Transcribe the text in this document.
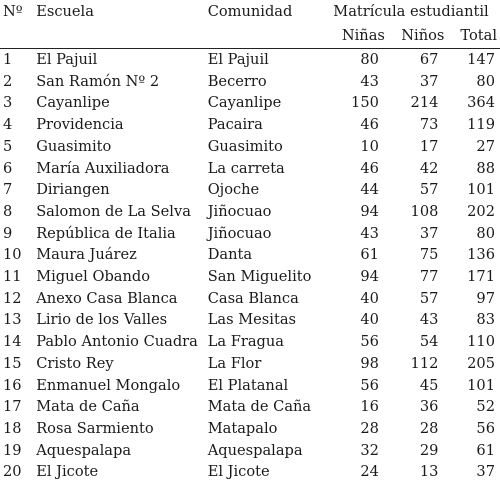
Nº	Escuela	Comunidad	Matrícula estudiantil		
			Niñas	Niños	Total
1	El Pajuil	El Pajuil	80	67	147
2	San Ramón Nº 2	Becerro	43	37	80
3	Cayanlipe	Cayanlipe	150	214	364
4	Providencia	Pacaira	46	73	119
5	Guasimito	Guasimito	10	17	27
6	María Auxiliadora	La carreta	46	42	88
7	Diriangen	Ojoche	44	57	101
8	Salomon de La Selva	Jiñocuao	94	108	202
9	República de Italia	Jiñocuao	43	37	80
10	Maura Juárez	Danta	61	75	136
11	Miguel Obando	San Miguelito	94	77	171
12	Anexo Casa Blanca	Casa Blanca	40	57	97
13	Lirio de los Valles	Las Mesitas	40	43	83
14	Pablo Antonio Cuadra	La Fragua	56	54	110
15	Cristo Rey	La Flor	98	112	205
16	Enmanuel Mongalo	El Platanal	56	45	101
17	Mata de Caña	Mata de Caña	16	36	52
18	Rosa Sarmiento	Matapalo	28	28	56
19	Aquespalapa	Aquespalapa	32	29	61
20	El Jicote	El Jicote	24	13	37
